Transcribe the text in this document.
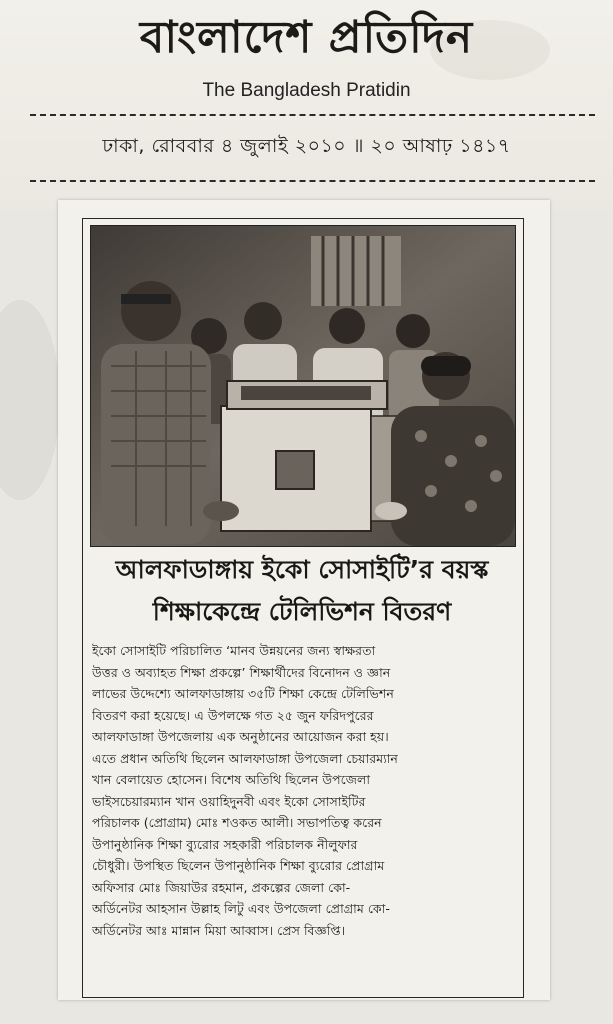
বাংলাদেশ প্রতিদিন
The Bangladesh Pratidin
ঢাকা, রোববার ৪ জুলাই ২০১০ ॥ ২০ আষাঢ় ১৪১৭
আলফাডাঙ্গায় ইকো সোসাইটি’র বয়স্ক
শিক্ষাকেন্দ্রে টেলিভিশন বিতরণ
ইকো সোসাইটি পরিচালিত ‘মানব উন্নয়নের জন্য স্বাক্ষরতা
উত্তর ও অব্যাহত শিক্ষা প্রকল্পে’ শিক্ষার্থীদের বিনোদন ও জ্ঞান
লাভের উদ্দেশ্যে আলফাডাঙ্গায় ৩৫টি শিক্ষা কেন্দ্রে টেলিভিশন
বিতরণ করা হয়েছে। এ উপলক্ষে গত ২৫ জুন ফরিদপুরের
আলফাডাঙ্গা উপজেলায় এক অনুষ্ঠানের আয়োজন করা হয়।
এতে প্রধান অতিথি ছিলেন আলফাডাঙ্গা উপজেলা চেয়ারম্যান
খান বেলায়েত হোসেন। বিশেষ অতিথি ছিলেন উপজেলা
ভাইসচেয়ারম্যান খান ওয়াহিদুনবী এবং ইকো সোসাইটির
পরিচালক (প্রোগ্রাম) মোঃ শওকত আলী। সভাপতিত্ব করেন
উপানুষ্ঠানিক শিক্ষা ব্যুরোর সহকারী পরিচালক নীলুফার
চৌধুরী। উপস্থিত ছিলেন উপানুষ্ঠানিক শিক্ষা ব্যুরোর প্রোগ্রাম
অফিসার মোঃ জিয়াউর রহমান, প্রকল্পের জেলা কো-
অর্ডিনেটর আহসান উল্লাহ লিটু এবং উপজেলা প্রোগ্রাম কো-
অর্ডিনেটর আঃ মান্নান মিয়া আব্বাস। প্রেস বিজ্ঞপ্তি।
